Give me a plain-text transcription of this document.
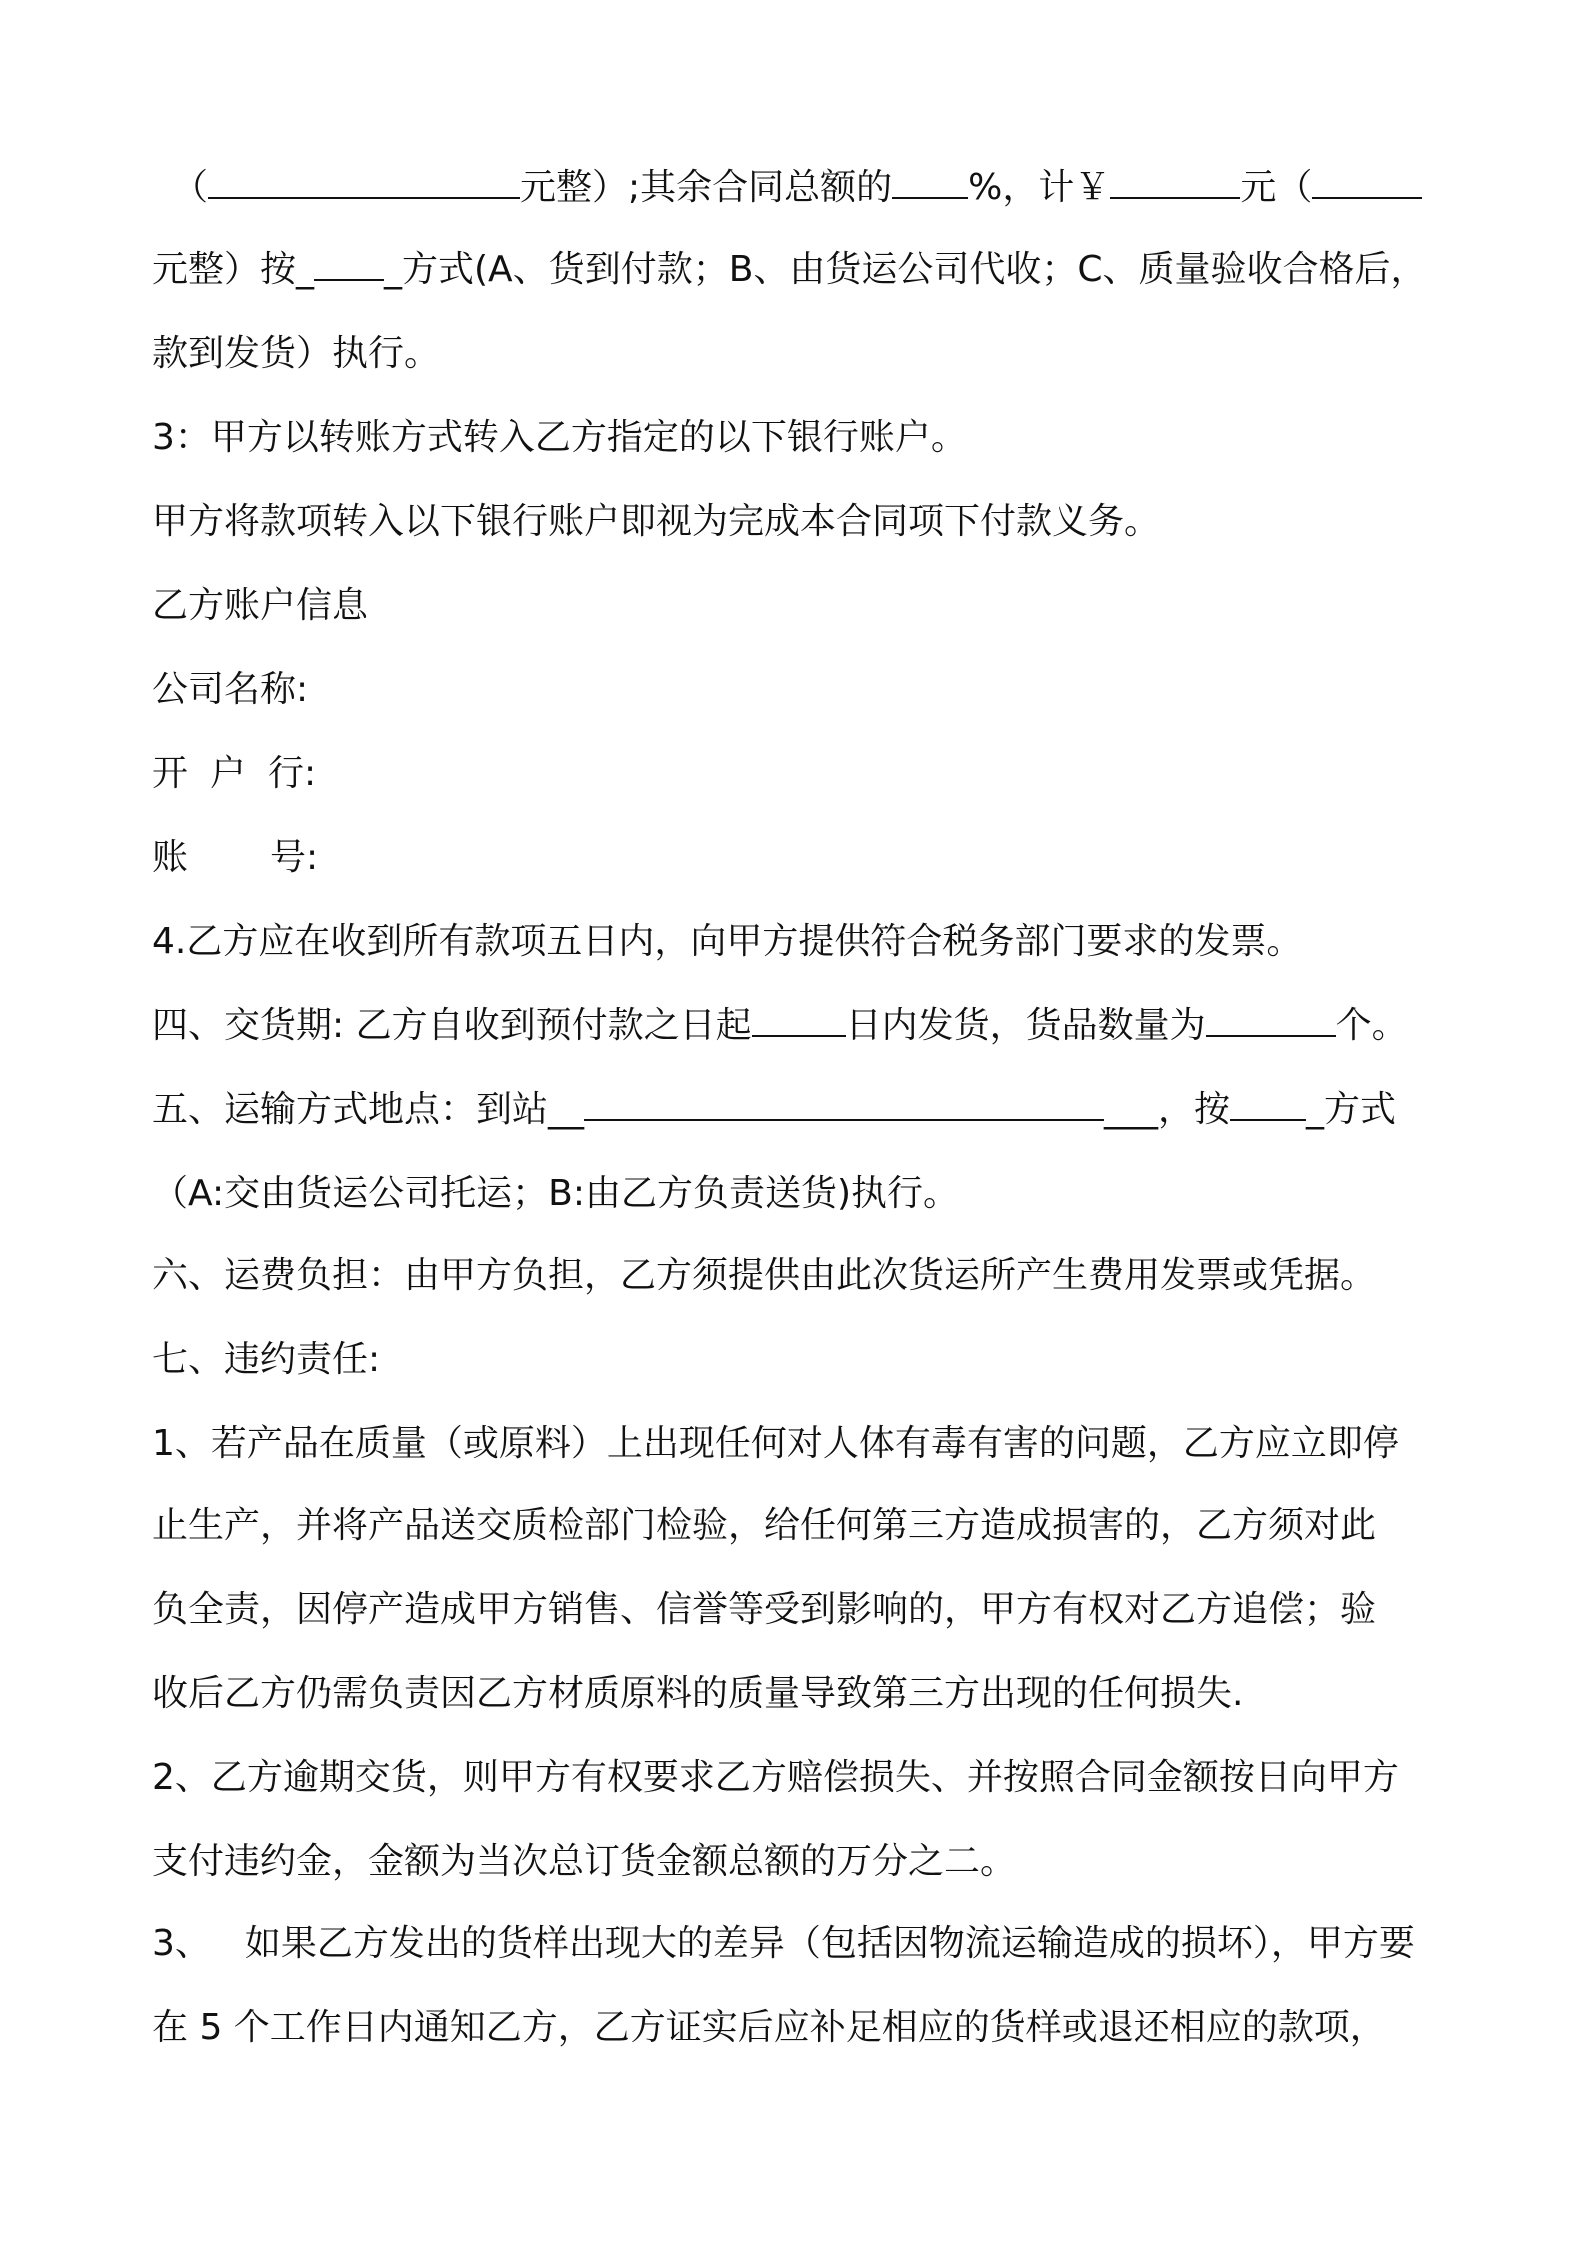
（	元整）;其余合同总额的 %，计￥	元（
元整）按_ _方式(A、货到付款；B、由货运公司代收；C、质量验收合格后，
款到发货）执行。
3：甲方以转账方式转入乙方指定的以下银行账户。
甲方将款项转入以下银行账户即视为完成本合同项下付款义务。
乙方账户信息
公司名称:
开 户 行:
账 号:
4.乙方应在收到所有款项五日内，向甲方提供符合税务部门要求的发票。
四、交货期: 乙方自收到预付款之日起	日内发货，货品数量为	个。
五、运输方式地点：到站__	___，按 _方式
（A:交由货运公司托运；B:由乙方负责送货)执行。
六、运费负担：由甲方负担，乙方须提供由此次货运所产生费用发票或凭据。
七、违约责任:
1、若产品在质量（或原料）上出现任何对人体有毒有害的问题，乙方应立即停
止生产，并将产品送交质检部门检验，给任何第三方造成损害的，乙方须对此
负全责，因停产造成甲方销售、信誉等受到影响的，甲方有权对乙方追偿；验
收后乙方仍需负责因乙方材质原料的质量导致第三方出现的任何损失.
2、乙方逾期交货，则甲方有权要求乙方赔偿损失、并按照合同金额按日向甲方
支付违约金，金额为当次总订货金额总额的万分之二。
3、 如果乙方发出的货样出现大的差异（包括因物流运输造成的损坏），甲方要
在 5 个工作日内通知乙方，乙方证实后应补足相应的货样或退还相应的款项，
